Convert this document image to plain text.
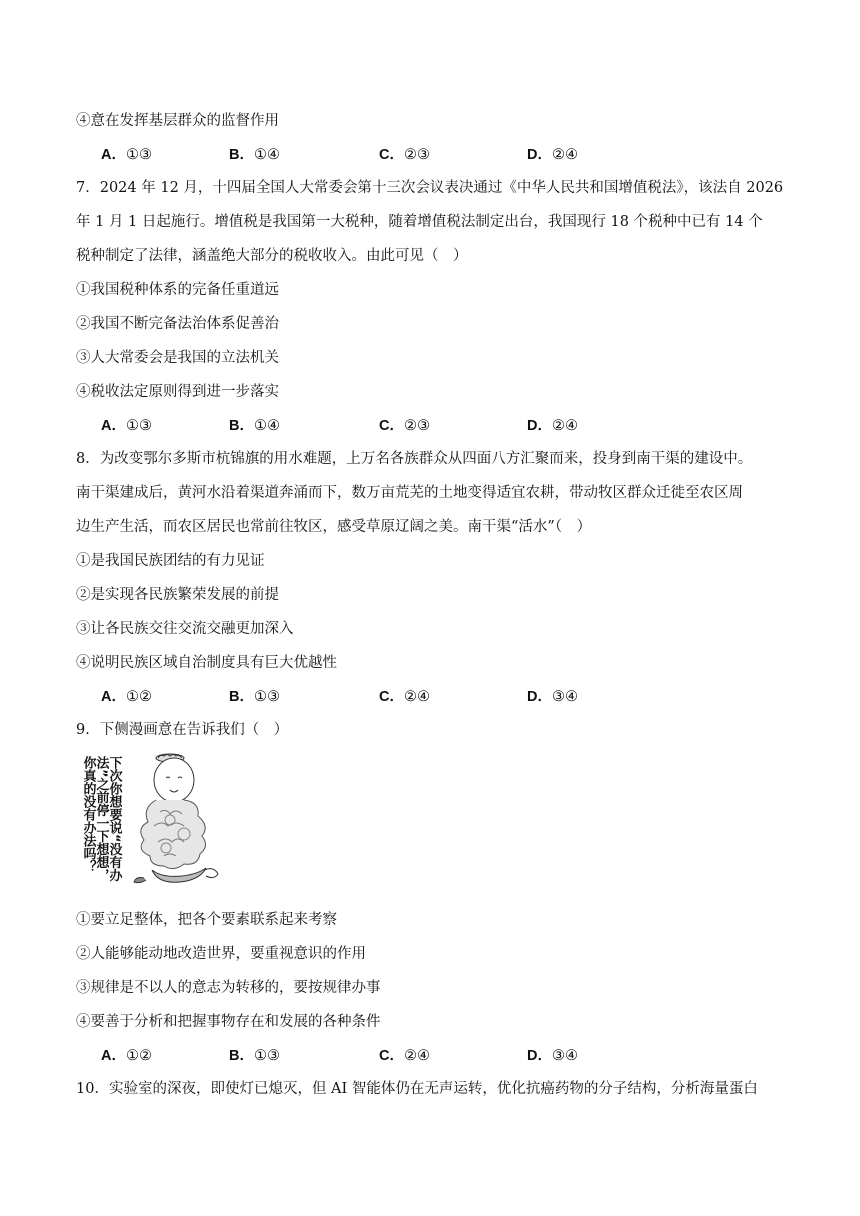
④意在发挥基层群众的监督作用
A．①③	B．①④	C．②③	D．②④
7．2024 年 12 月，十四届全国人大常委会第十三次会议表决通过《中华人民共和国增值税法》，该法自 2026
年 1 月 1 日起施行。增值税是我国第一大税种，随着增值税法制定出台，我国现行 18 个税种中已有 14 个
税种制定了法律，涵盖绝大部分的税收收入。由此可见（　）
①我国税种体系的完备任重道远
②我国不断完备法治体系促善治
③人大常委会是我国的立法机关
④税收法定原则得到进一步落实
A．①③	B．①④	C．②③	D．②④
8．为改变鄂尔多斯市杭锦旗的用水难题，上万名各族群众从四面八方汇聚而来，投身到南干渠的建设中。
南干渠建成后，黄河水沿着渠道奔涌而下，数万亩荒芜的土地变得适宜农耕，带动牧区群众迁徙至农区周
边生产生活，而农区居民也常前往牧区，感受草原辽阔之美。南干渠“活水”（　）
①是我国民族团结的有力见证
②是实现各民族繁荣发展的前提
③让各民族交往交流交融更加深入
④说明民族区域自治制度具有巨大优越性
A．①②	B．①③	C．②④	D．③④
9．下侧漫画意在告诉我们（　）
下次你想要说“没有办
法”之前停一下想想，
你真的没有办法吗？
①要立足整体，把各个要素联系起来考察
②人能够能动地改造世界，要重视意识的作用
③规律是不以人的意志为转移的，要按规律办事
④要善于分析和把握事物存在和发展的各种条件
A．①②	B．①③	C．②④	D．③④
10．实验室的深夜，即使灯已熄灭，但 AI 智能体仍在无声运转，优化抗癌药物的分子结构，分析海量蛋白
